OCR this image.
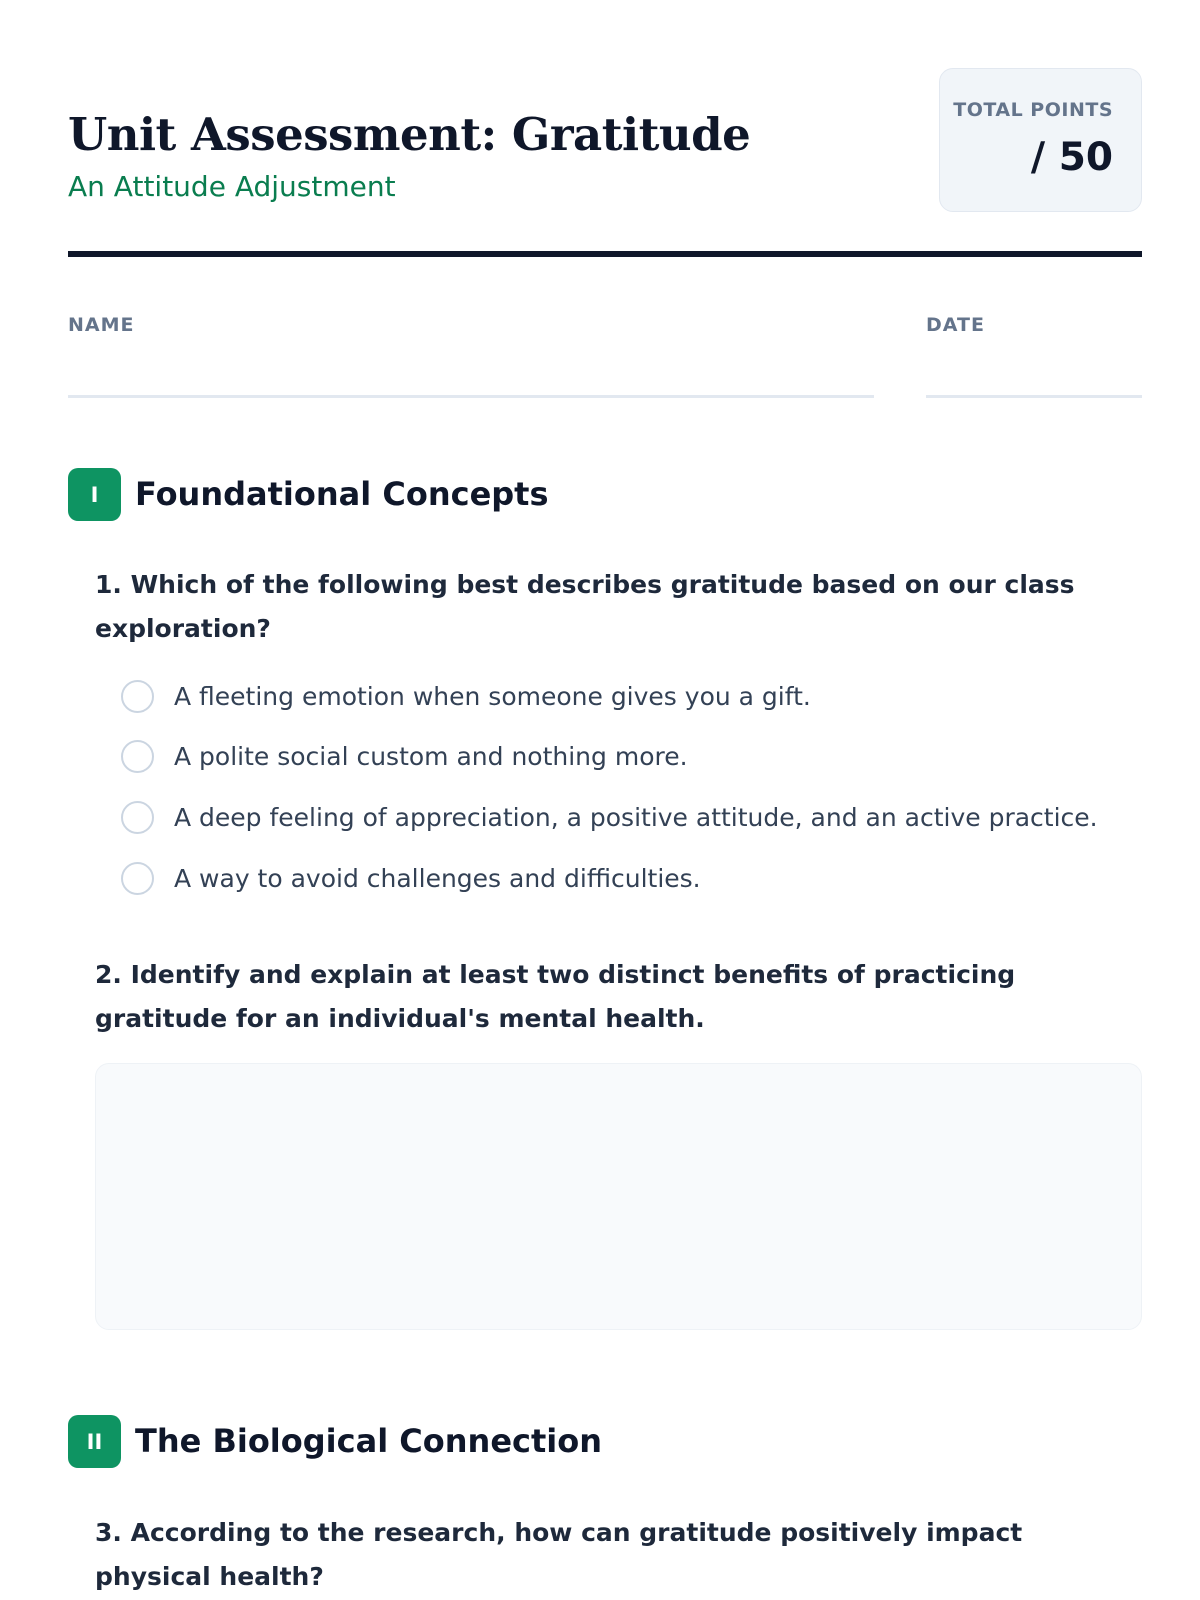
Unit Assessment: Gratitude
An Attitude Adjustment
TOTAL POINTS
/ 50
NAME	DATE
I	Foundational Concepts
1. Which of the following best describes gratitude based on our class exploration?
A fleeting emotion when someone gives you a gift.
A polite social custom and nothing more.
A deep feeling of appreciation, a positive attitude, and an active practice.
A way to avoid challenges and difficulties.
2. Identify and explain at least two distinct benefits of practicing gratitude for an individual's mental health.
II	The Biological Connection
3. According to the research, how can gratitude positively impact physical health?
